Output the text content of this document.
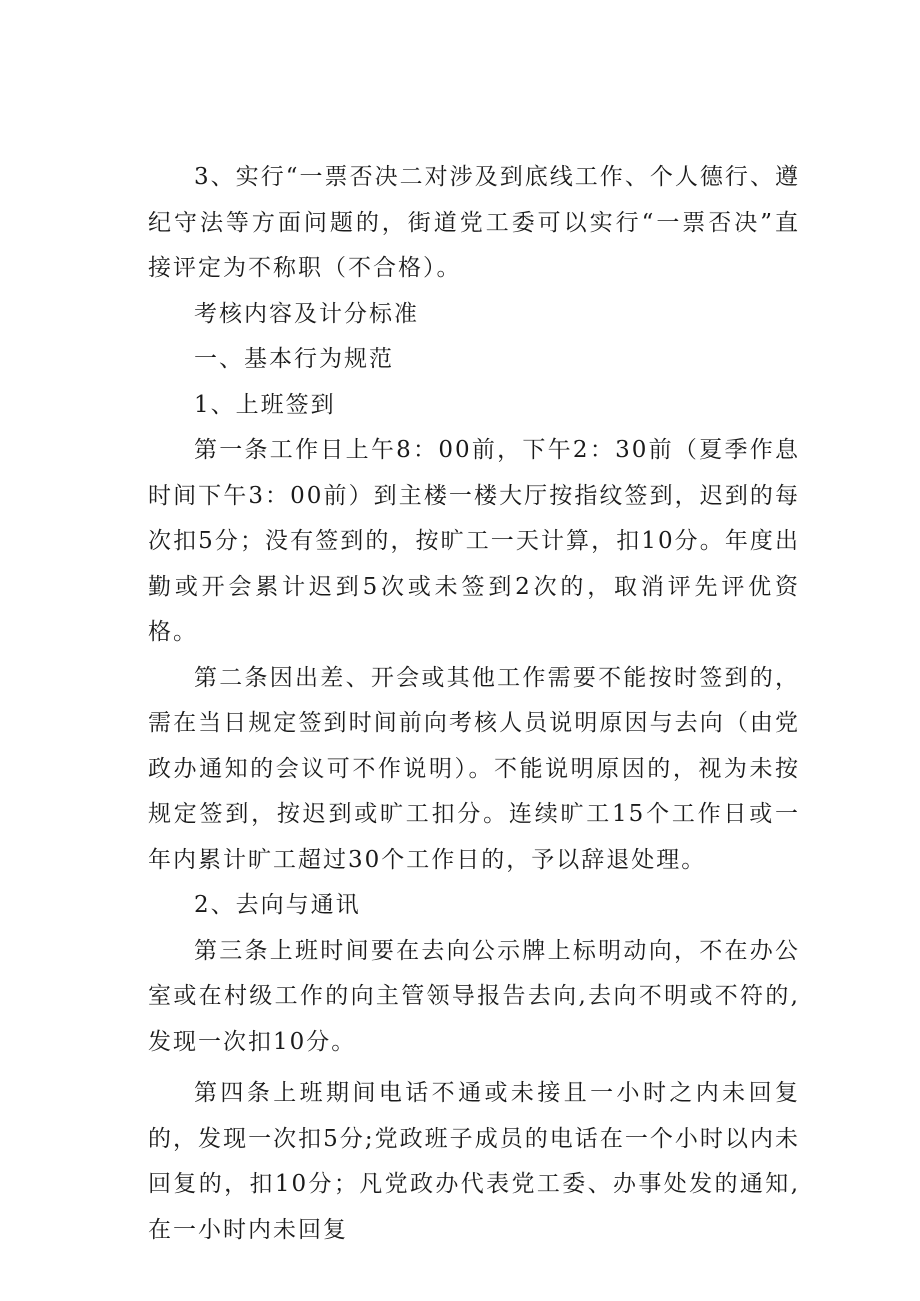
3、实行“一票否决二对涉及到底线工作、个人德行、遵纪守法等方面问题的，街道党工委可以实行“一票否决”直接评定为不称职（不合格）。

考核内容及计分标准

一、基本行为规范

1、上班签到

第一条工作日上午8：00前，下午2：30前（夏季作息时间下午3：00前）到主楼一楼大厅按指纹签到，迟到的每次扣5分；没有签到的，按旷工一天计算，扣10分。年度出勤或开会累计迟到5次或未签到2次的，取消评先评优资格。

第二条因出差、开会或其他工作需要不能按时签到的，需在当日规定签到时间前向考核人员说明原因与去向（由党政办通知的会议可不作说明）。不能说明原因的，视为未按规定签到，按迟到或旷工扣分。连续旷工15个工作日或一年内累计旷工超过30个工作日的，予以辞退处理。

2、去向与通讯

第三条上班时间要在去向公示牌上标明动向，不在办公室或在村级工作的向主管领导报告去向,去向不明或不符的,发现一次扣10分。

第四条上班期间电话不通或未接且一小时之内未回复的，发现一次扣5分;党政班子成员的电话在一个小时以内未回复的，扣10分；凡党政办代表党工委、办事处发的通知,在一小时内未回复
